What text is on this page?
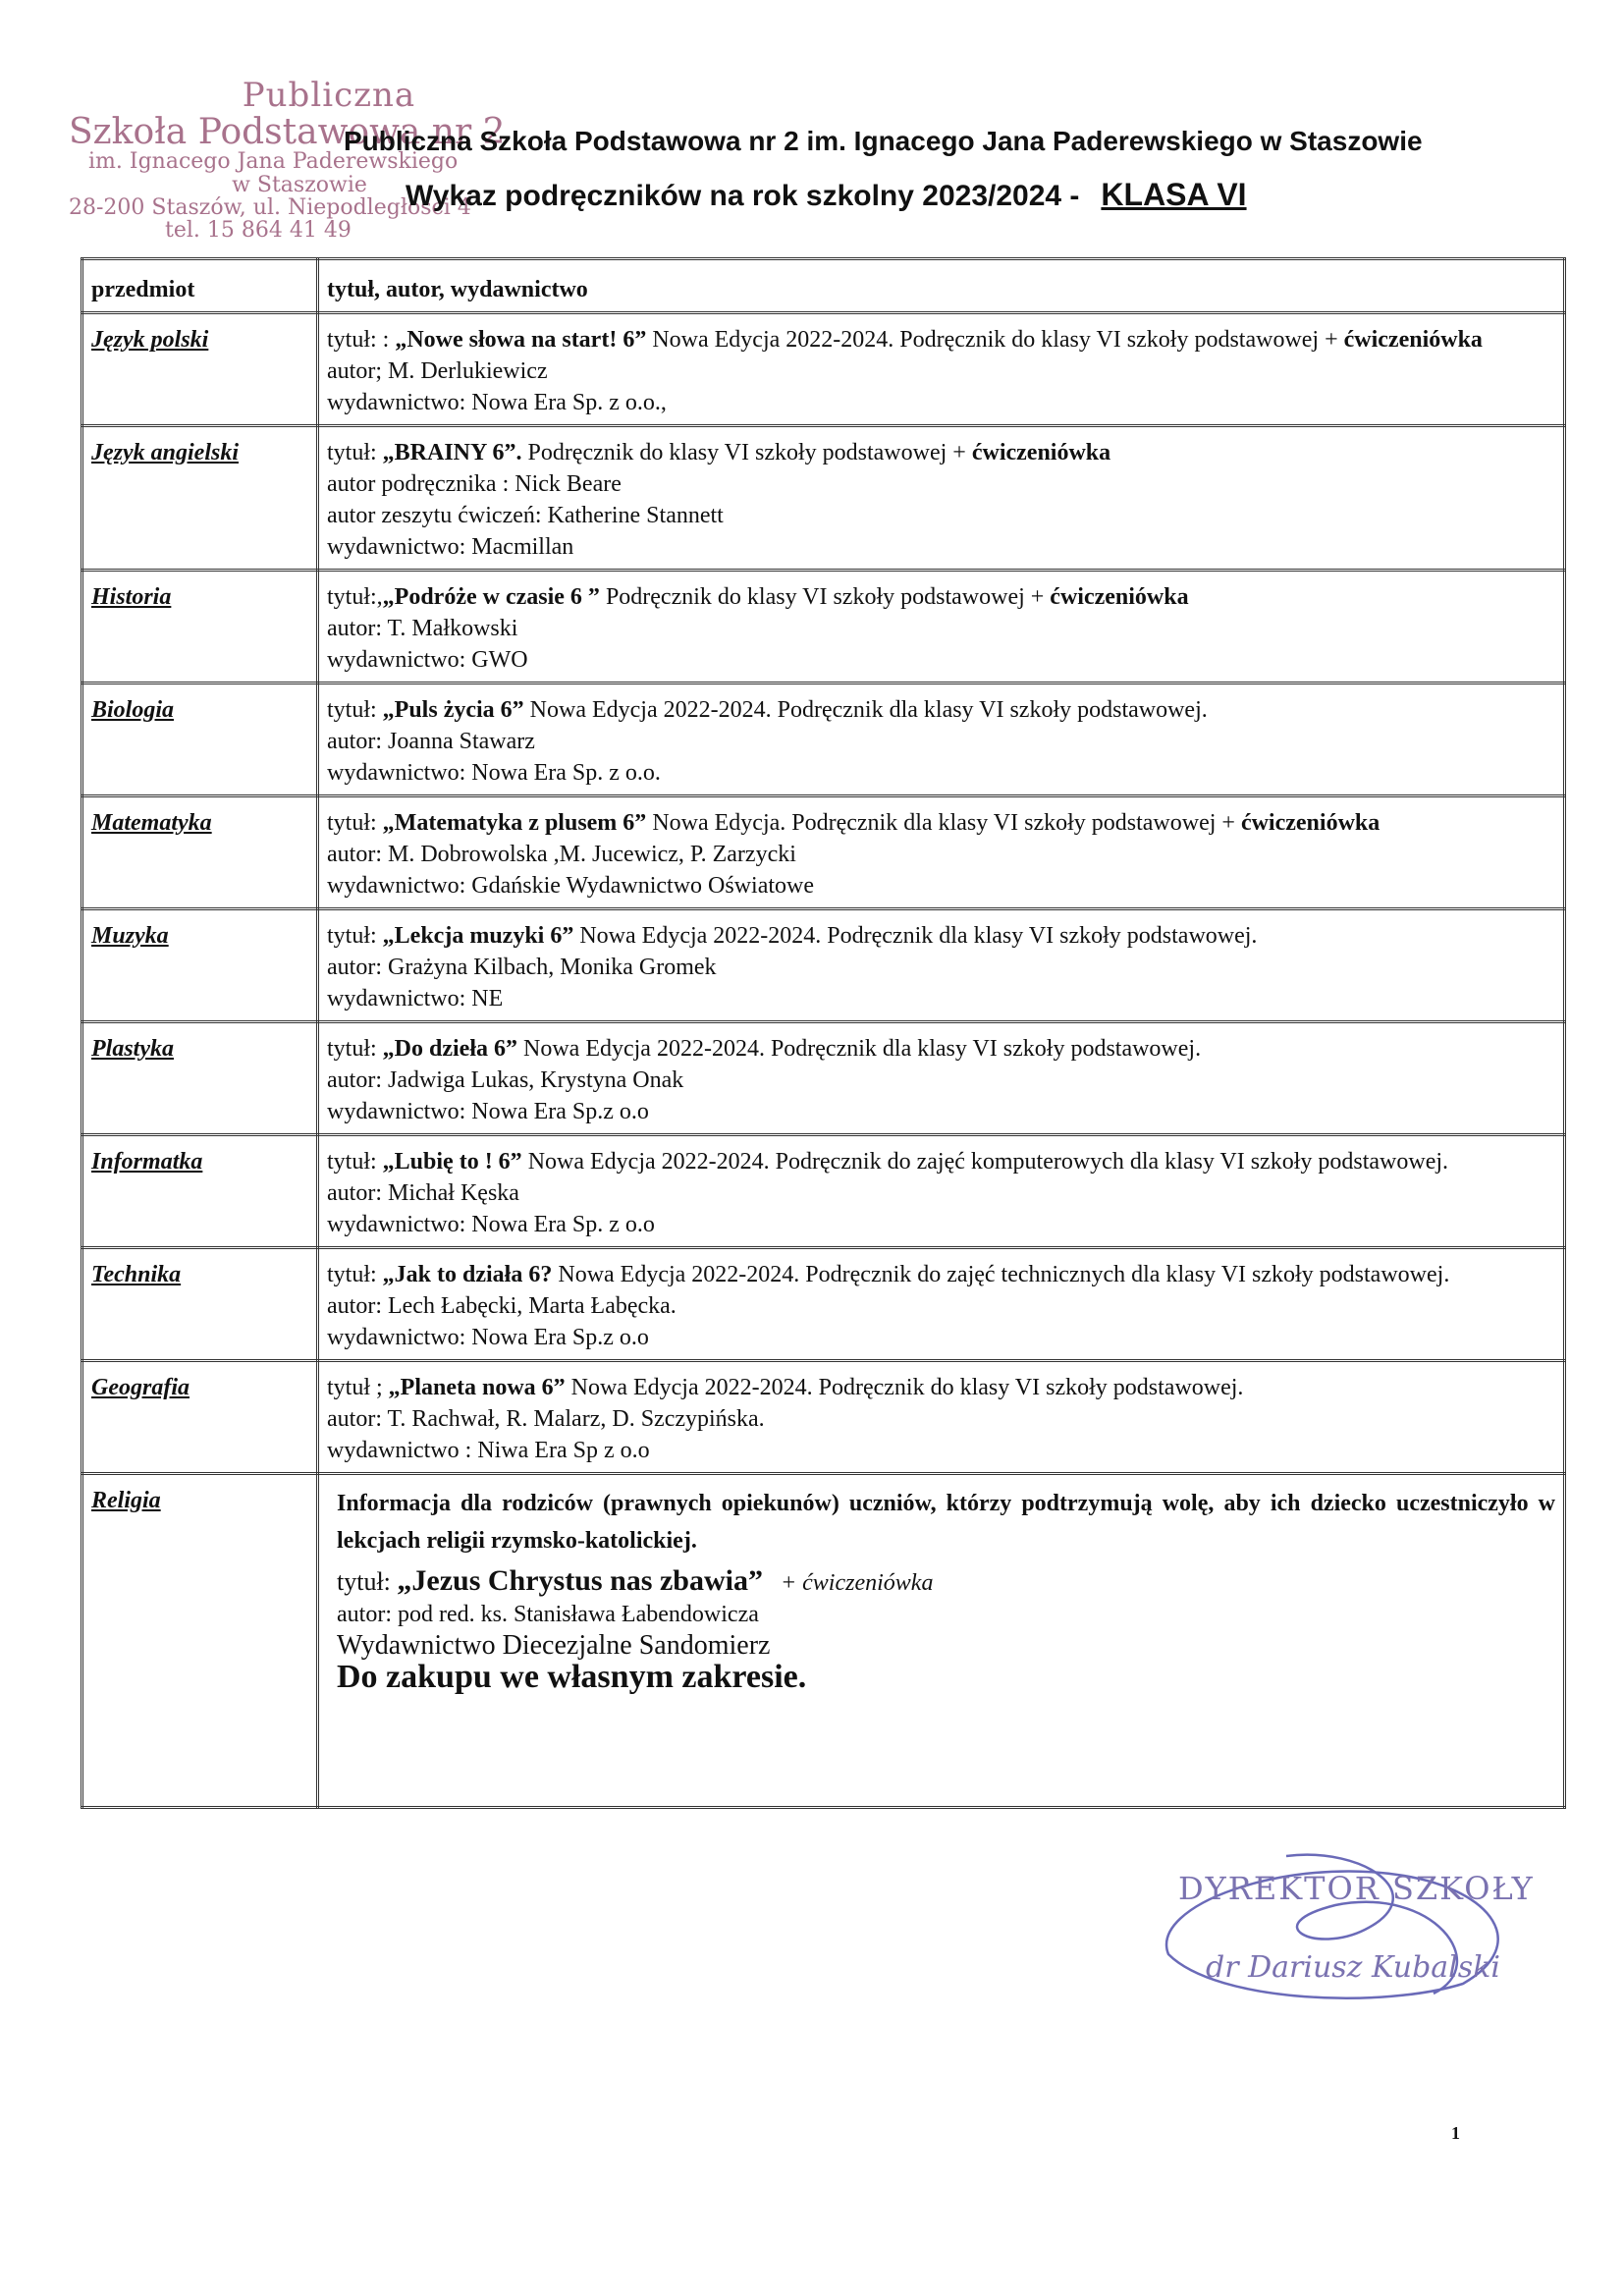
Publiczna
Szkoła Podstawowa nr 2
im. Ignacego Jana Paderewskiego
w Staszowie
28-200 Staszów, ul. Niepodległości 4
tel. 15 864 41 49
Publiczna Szkoła Podstawowa nr 2 im. Ignacego Jana Paderewskiego w Staszowie
Wykaz podręczników na rok szkolny 2023/2024 - KLASA VI
przedmiot	tytuł, autor, wydawnictwo
Język polski	tytuł: : „Nowe słowa na start! 6” Nowa Edycja 2022-2024. Podręcznik do klasy VI szkoły podstawowej + ćwiczeniówka
autor; M. Derlukiewicz
wydawnictwo: Nowa Era Sp. z o.o.,

Język angielski	tytuł: „BRAINY 6”. Podręcznik do klasy VI szkoły podstawowej + ćwiczeniówka
autor podręcznika : Nick Beare
autor zeszytu ćwiczeń: Katherine Stannett
wydawnictwo: Macmillan

Historia	tytuł:,„Podróże w czasie 6 ” Podręcznik do klasy VI szkoły podstawowej + ćwiczeniówka
autor: T. Małkowski
wydawnictwo: GWO

Biologia	tytuł: „Puls życia 6” Nowa Edycja 2022-2024. Podręcznik dla klasy VI szkoły podstawowej.
autor: Joanna Stawarz
wydawnictwo: Nowa Era Sp. z o.o.

Matematyka	tytuł: „Matematyka z plusem 6” Nowa Edycja. Podręcznik dla klasy VI szkoły podstawowej + ćwiczeniówka
autor: M. Dobrowolska ,M. Jucewicz, P. Zarzycki
wydawnictwo: Gdańskie Wydawnictwo Oświatowe

Muzyka	tytuł: „Lekcja muzyki 6” Nowa Edycja 2022-2024. Podręcznik dla klasy VI szkoły podstawowej.
autor: Grażyna Kilbach, Monika Gromek
wydawnictwo: NE

Plastyka	tytuł: „Do dzieła 6” Nowa Edycja 2022-2024. Podręcznik dla klasy VI szkoły podstawowej.
autor: Jadwiga Lukas, Krystyna Onak
wydawnictwo: Nowa Era Sp.z o.o

Informatka	tytuł: „Lubię to ! 6” Nowa Edycja 2022-2024. Podręcznik do zajęć komputerowych dla klasy VI szkoły podstawowej.
autor: Michał Kęska
wydawnictwo: Nowa Era Sp. z o.o

Technika	tytuł: „Jak to działa 6? Nowa Edycja 2022-2024. Podręcznik do zajęć technicznych dla klasy VI szkoły podstawowej.
autor: Lech Łabęcki, Marta Łabęcka.
wydawnictwo: Nowa Era Sp.z o.o

Geografia	tytuł ; „Planeta nowa 6” Nowa Edycja 2022-2024. Podręcznik do klasy VI szkoły podstawowej.
autor: T. Rachwał, R. Malarz, D. Szczypińska.
wydawnictwo : Niwa Era Sp z o.o

Religia	Informacja dla rodziców (prawnych opiekunów) uczniów, którzy podtrzymują wolę, aby ich dziecko uczestniczyło w lekcjach religii rzymsko-katolickiej.
tytuł: „Jezus Chrystus nas zbawia” + ćwiczeniówka
autor: pod red. ks. Stanisława Łabendowicza
Wydawnictwo Diecezjalne Sandomierz
Do zakupu we własnym zakresie.
DYREKTOR SZKOŁY
dr Dariusz Kubalski
1
